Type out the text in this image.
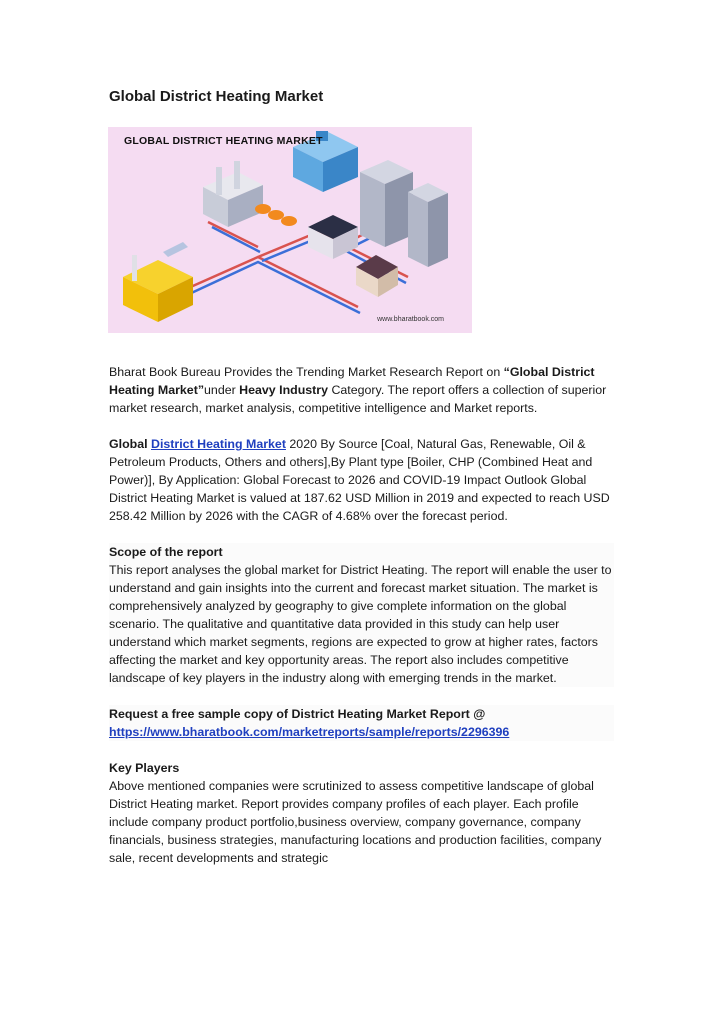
Global District Heating Market
GLOBAL DISTRICT HEATING MARKET
www.bharatbook.com

Bharat Book Bureau Provides the Trending Market Research Report on “Global District Heating Market”under Heavy Industry Category. The report offers a collection of superior market research, market analysis, competitive intelligence and Market reports.

Global District Heating Market 2020 By Source [Coal, Natural Gas, Renewable, Oil & Petroleum Products, Others and others],By Plant type [Boiler, CHP (Combined Heat and Power)], By Application: Global Forecast to 2026 and COVID-19 Impact Outlook Global District Heating Market is valued at 187.62 USD Million in 2019 and expected to reach USD 258.42 Million by 2026 with the CAGR of 4.68% over the forecast period.

Scope of the report
This report analyses the global market for District Heating. The report will enable the user to understand and gain insights into the current and forecast market situation. The market is comprehensively analyzed by geography to give complete information on the global scenario. The qualitative and quantitative data provided in this study can help user understand which market segments, regions are expected to grow at higher rates, factors affecting the market and key opportunity areas. The report also includes competitive landscape of key players in the industry along with emerging trends in the market.

Request a free sample copy of District Heating Market Report @
https://www.bharatbook.com/marketreports/sample/reports/2296396

Key Players
Above mentioned companies were scrutinized to assess competitive landscape of global District Heating market. Report provides company profiles of each player. Each profile include company product portfolio,business overview, company governance, company financials, business strategies, manufacturing locations and production facilities, company sale, recent developments and strategic
